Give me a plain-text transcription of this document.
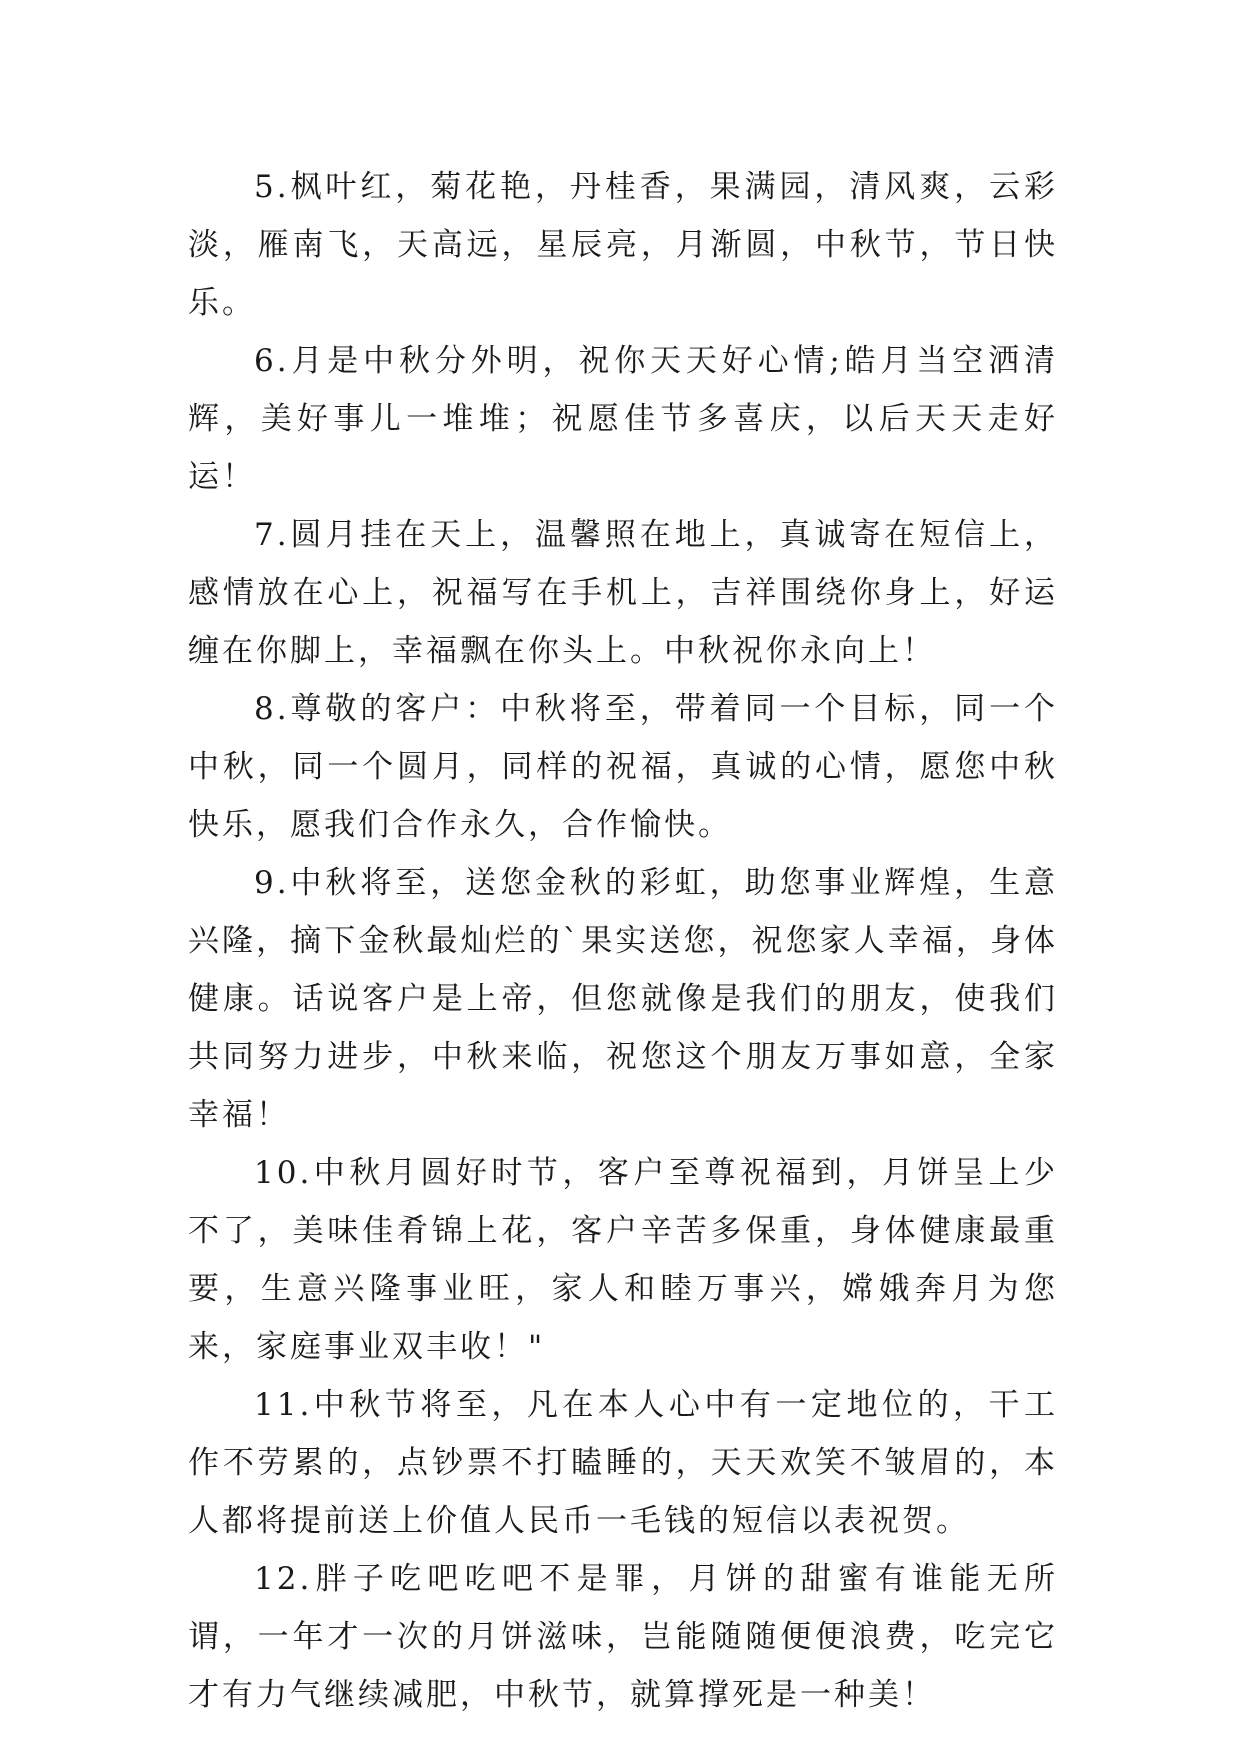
5.枫叶红，菊花艳，丹桂香，果满园，清风爽，云彩淡，雁南飞，天高远，星辰亮，月渐圆，中秋节，节日快乐。

6.月是中秋分外明，祝你天天好心情;皓月当空洒清辉，美好事儿一堆堆；祝愿佳节多喜庆，以后天天走好运！

7.圆月挂在天上，温馨照在地上，真诚寄在短信上，感情放在心上，祝福写在手机上，吉祥围绕你身上，好运缠在你脚上，幸福飘在你头上。中秋祝你永向上！

8.尊敬的客户：中秋将至，带着同一个目标，同一个中秋，同一个圆月，同样的祝福，真诚的心情，愿您中秋快乐，愿我们合作永久，合作愉快。

9.中秋将至，送您金秋的彩虹，助您事业辉煌，生意兴隆，摘下金秋最灿烂的`果实送您，祝您家人幸福，身体健康。话说客户是上帝，但您就像是我们的朋友，使我们共同努力进步，中秋来临，祝您这个朋友万事如意，全家幸福！

10.中秋月圆好时节，客户至尊祝福到，月饼呈上少不了，美味佳肴锦上花，客户辛苦多保重，身体健康最重要，生意兴隆事业旺，家人和睦万事兴，嫦娥奔月为您来，家庭事业双丰收！"

11.中秋节将至，凡在本人心中有一定地位的，干工作不劳累的，点钞票不打瞌睡的，天天欢笑不皱眉的，本人都将提前送上价值人民币一毛钱的短信以表祝贺。

12.胖子吃吧吃吧不是罪，月饼的甜蜜有谁能无所谓，一年才一次的月饼滋味，岂能随随便便浪费，吃完它才有力气继续减肥，中秋节，就算撑死是一种美！
